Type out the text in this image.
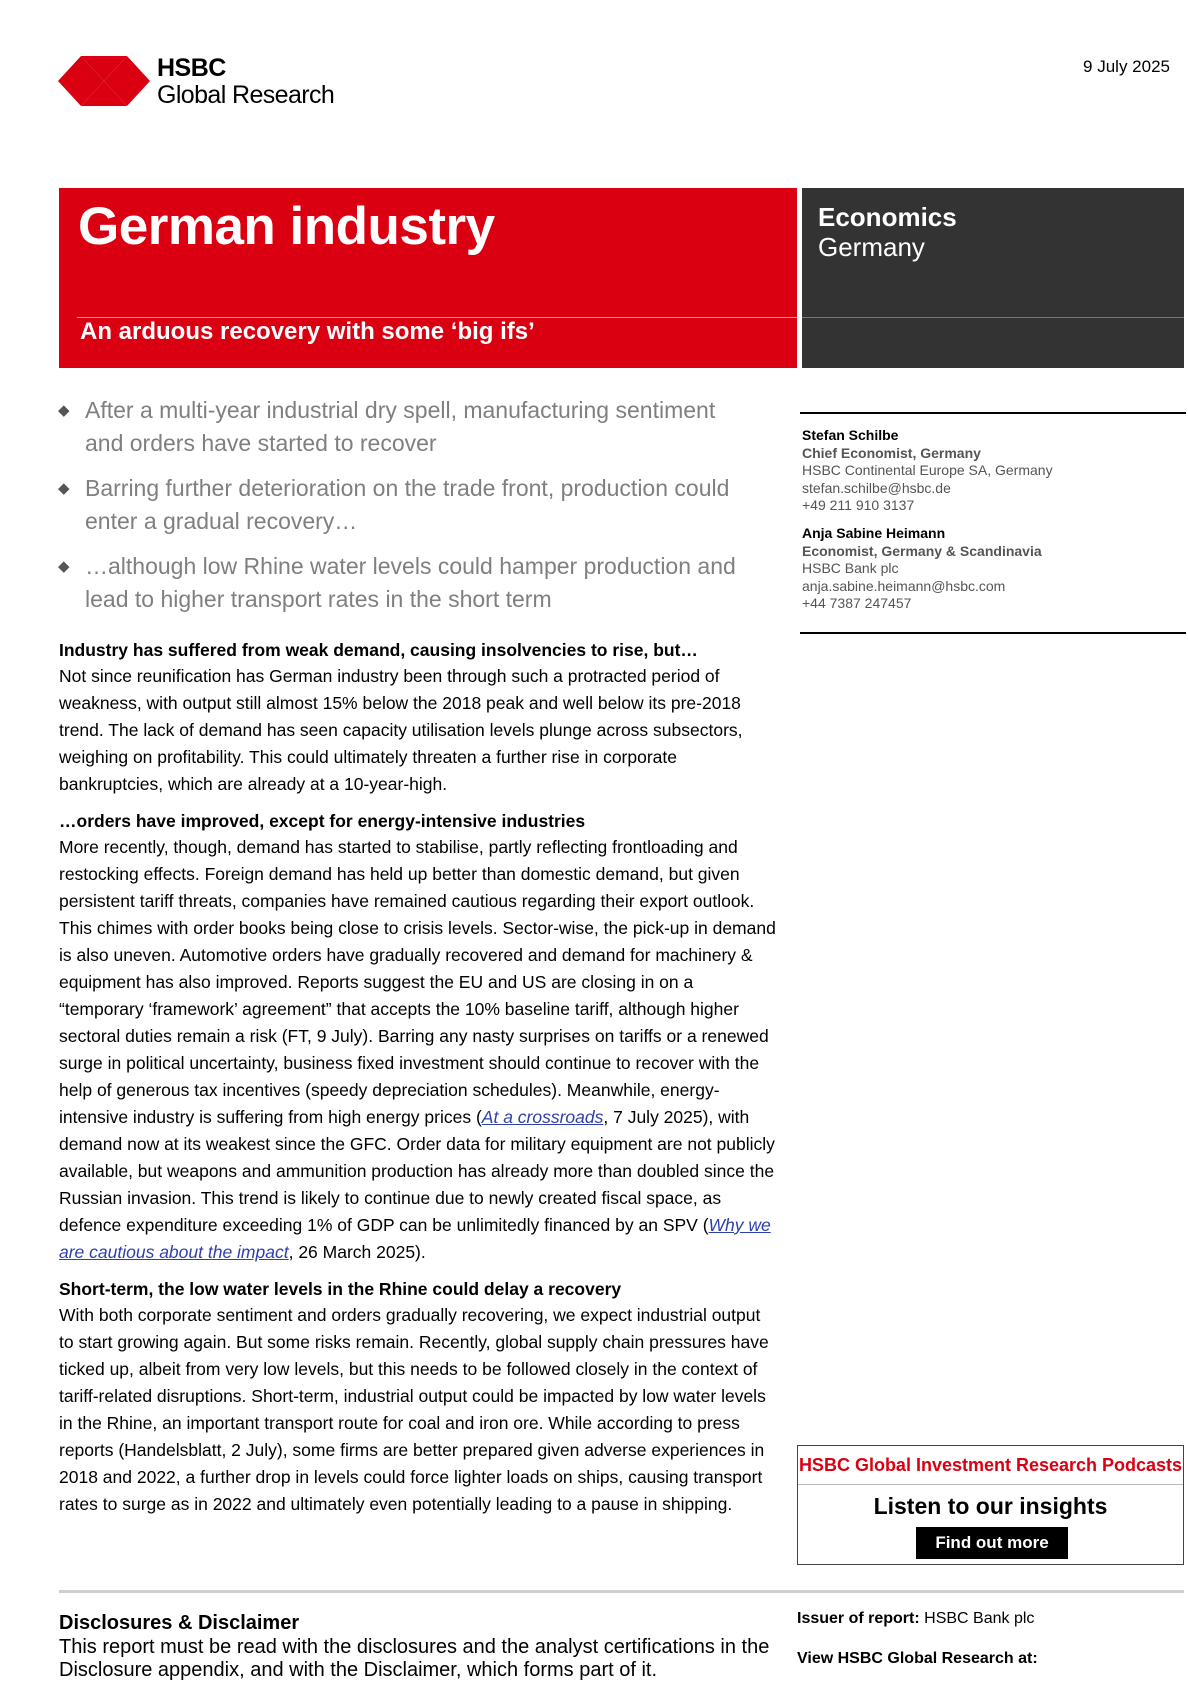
HSBC
Global Research
9 July 2025
German industry
An arduous recovery with some ‘big ifs’
Economics
Germany
◆ After a multi-year industrial dry spell, manufacturing sentiment and orders have started to recover
◆ Barring further deterioration on the trade front, production could enter a gradual recovery…
◆ …although low Rhine water levels could hamper production and lead to higher transport rates in the short term
Stefan Schilbe
Chief Economist, Germany
HSBC Continental Europe SA, Germany
stefan.schilbe@hsbc.de
+49 211 910 3137
Anja Sabine Heimann
Economist, Germany & Scandinavia
HSBC Bank plc
anja.sabine.heimann@hsbc.com
+44 7387 247457
Industry has suffered from weak demand, causing insolvencies to rise, but…
Not since reunification has German industry been through such a protracted period of weakness, with output still almost 15% below the 2018 peak and well below its pre-2018 trend. The lack of demand has seen capacity utilisation levels plunge across subsectors, weighing on profitability. This could ultimately threaten a further rise in corporate bankruptcies, which are already at a 10-year-high.
…orders have improved, except for energy-intensive industries
More recently, though, demand has started to stabilise, partly reflecting frontloading and restocking effects. Foreign demand has held up better than domestic demand, but given persistent tariff threats, companies have remained cautious regarding their export outlook. This chimes with order books being close to crisis levels. Sector-wise, the pick-up in demand is also uneven. Automotive orders have gradually recovered and demand for machinery & equipment has also improved. Reports suggest the EU and US are closing in on a “temporary ‘framework’ agreement” that accepts the 10% baseline tariff, although higher sectoral duties remain a risk (FT, 9 July). Barring any nasty surprises on tariffs or a renewed surge in political uncertainty, business fixed investment should continue to recover with the help of generous tax incentives (speedy depreciation schedules). Meanwhile, energy-intensive industry is suffering from high energy prices (At a crossroads, 7 July 2025), with demand now at its weakest since the GFC. Order data for military equipment are not publicly available, but weapons and ammunition production has already more than doubled since the Russian invasion. This trend is likely to continue due to newly created fiscal space, as defence expenditure exceeding 1% of GDP can be unlimitedly financed by an SPV (Why we are cautious about the impact, 26 March 2025).
Short-term, the low water levels in the Rhine could delay a recovery
With both corporate sentiment and orders gradually recovering, we expect industrial output to start growing again. But some risks remain. Recently, global supply chain pressures have ticked up, albeit from very low levels, but this needs to be followed closely in the context of tariff-related disruptions. Short-term, industrial output could be impacted by low water levels in the Rhine, an important transport route for coal and iron ore. While according to press reports (Handelsblatt, 2 July), some firms are better prepared given adverse experiences in 2018 and 2022, a further drop in levels could force lighter loads on ships, causing transport rates to surge as in 2022 and ultimately even potentially leading to a pause in shipping.
HSBC Global Investment Research Podcasts
Listen to our insights
Find out more
Disclosures & Disclaimer
This report must be read with the disclosures and the analyst certifications in the Disclosure appendix, and with the Disclaimer, which forms part of it.
Issuer of report: HSBC Bank plc
View HSBC Global Research at:
